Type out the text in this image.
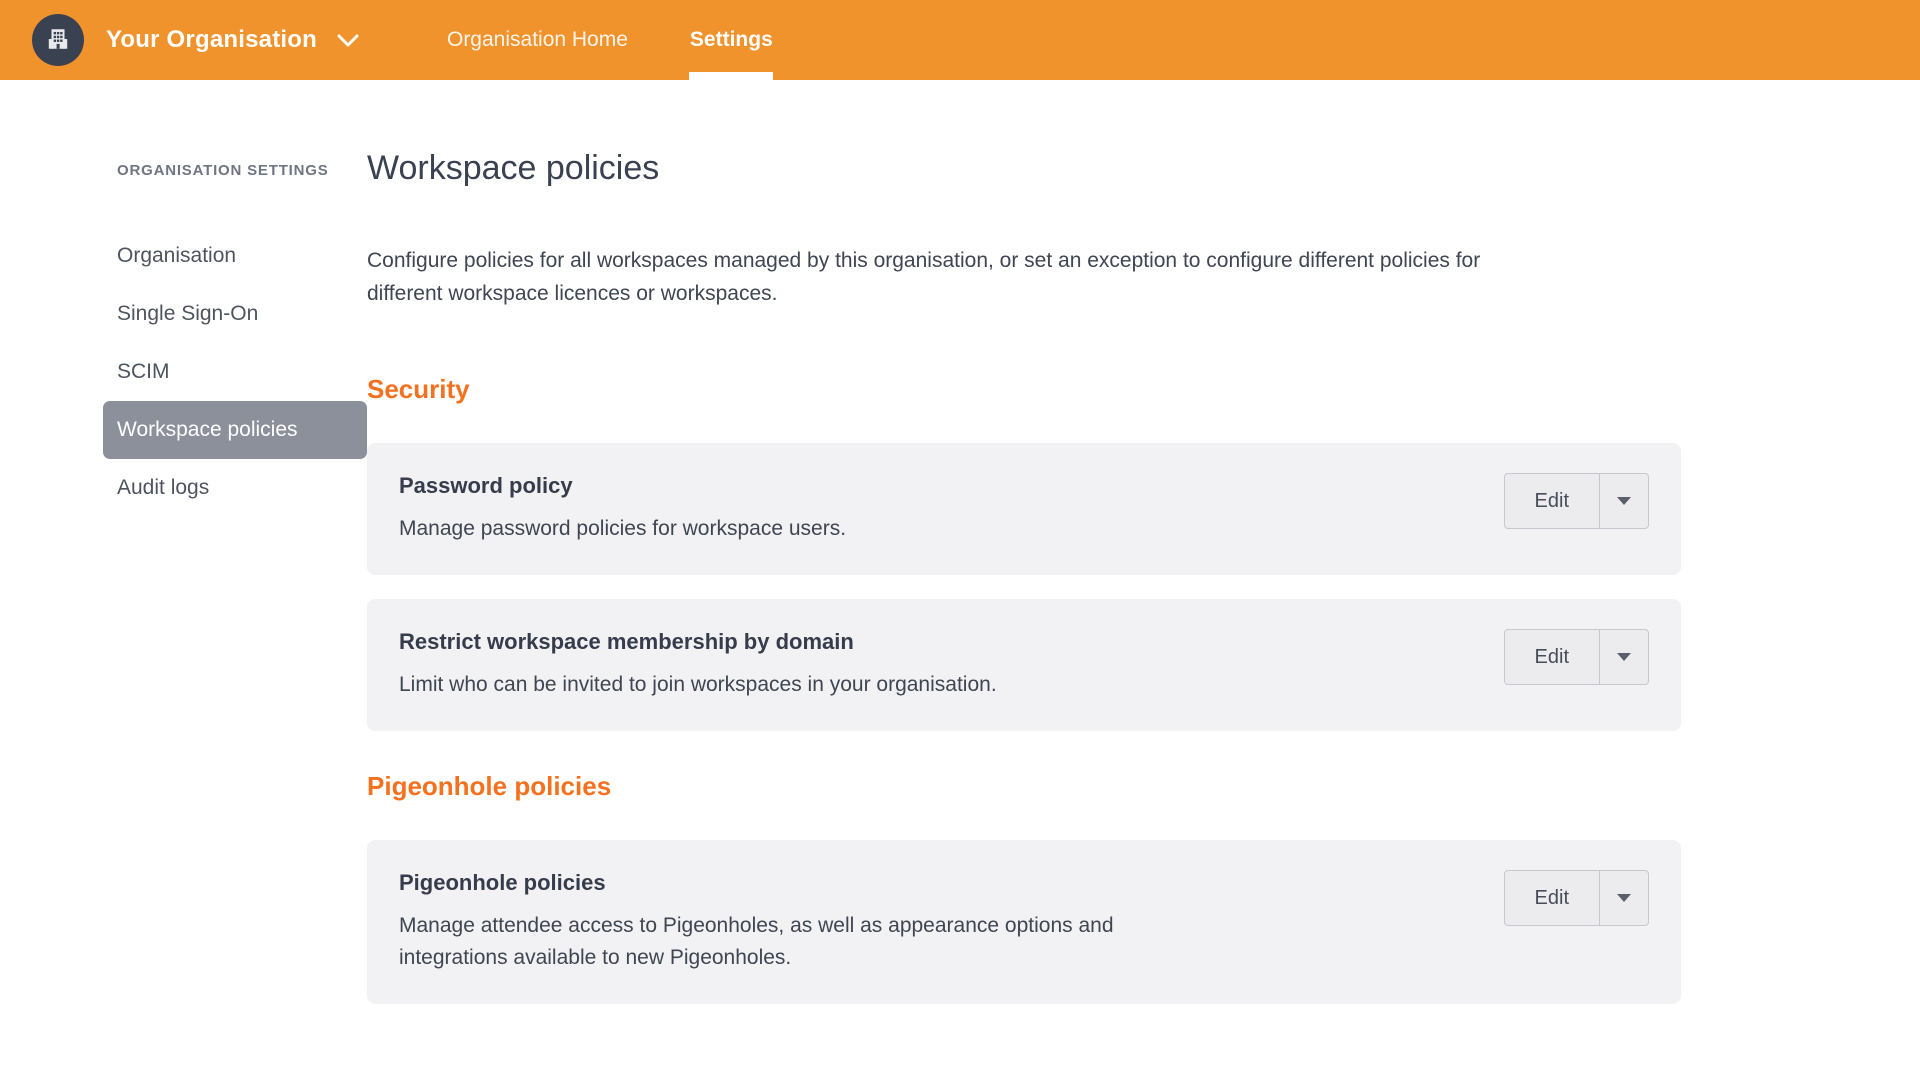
Your Organisation	Organisation Home	Settings
ORGANISATION SETTINGS
Organisation
Single Sign-On
SCIM
Workspace policies
Audit logs
Workspace policies

Configure policies for all workspaces managed by this organisation, or set an exception to configure different policies for different workspace licences or workspaces.

Security
Password policy

Manage password policies for workspace users.

Edit
Restrict workspace membership by domain

Limit who can be invited to join workspaces in your organisation.

Edit
Pigeonhole policies
Pigeonhole policies

Manage attendee access to Pigeonholes, as well as appearance options and integrations available to new Pigeonholes.

Edit
